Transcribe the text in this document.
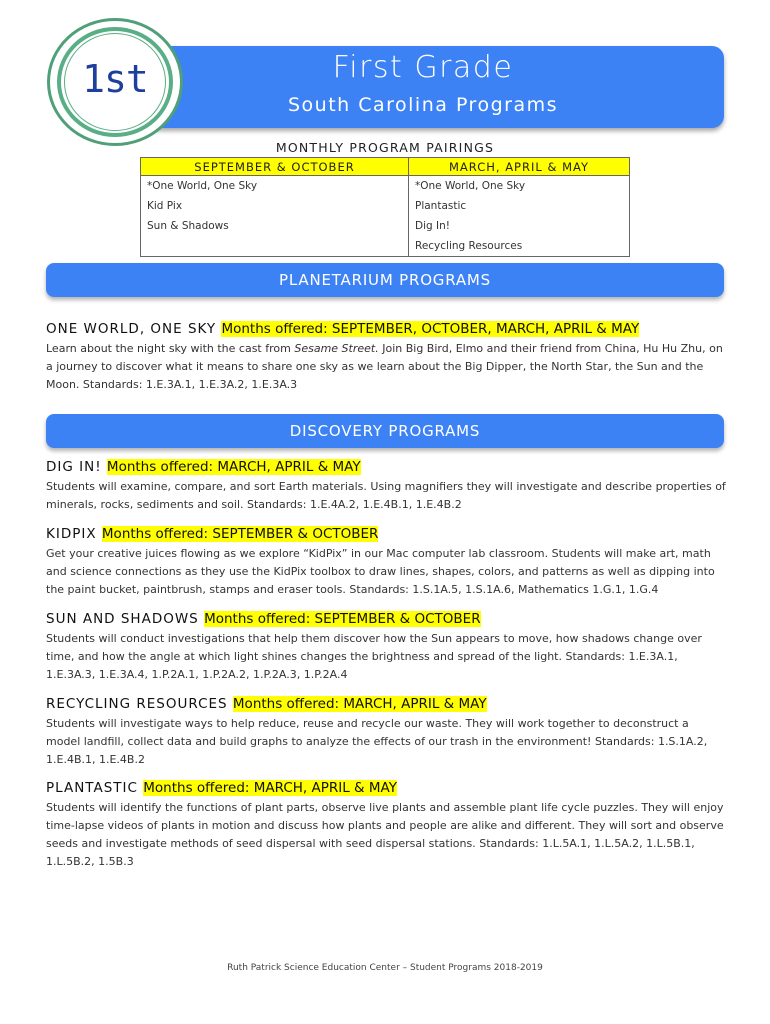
First Grade
South Carolina Programs
1st
MONTHLY PROGRAM PAIRINGS
SEPTEMBER & OCTOBER	MARCH, APRIL & MAY
*One World, One Sky	*One World, One Sky
Kid Pix	Plantastic
Sun & Shadows	Dig In!
	Recycling Resources
PLANETARIUM PROGRAMS
ONE WORLD, ONE SKY Months offered: SEPTEMBER, OCTOBER, MARCH, APRIL & MAY
Learn about the night sky with the cast from Sesame Street. Join Big Bird, Elmo and their friend from China, Hu Hu Zhu, on a journey to discover what it means to share one sky as we learn about the Big Dipper, the North Star, the Sun and the Moon. Standards: 1.E.3A.1, 1.E.3A.2, 1.E.3A.3
DISCOVERY PROGRAMS
DIG IN! Months offered: MARCH, APRIL & MAY
Students will examine, compare, and sort Earth materials. Using magnifiers they will investigate and describe properties of minerals, rocks, sediments and soil. Standards: 1.E.4A.2, 1.E.4B.1, 1.E.4B.2
KIDPIX Months offered: SEPTEMBER & OCTOBER
Get your creative juices flowing as we explore “KidPix” in our Mac computer lab classroom. Students will make art, math and science connections as they use the KidPix toolbox to draw lines, shapes, colors, and patterns as well as dipping into the paint bucket, paintbrush, stamps and eraser tools. Standards: 1.S.1A.5, 1.S.1A.6, Mathematics 1.G.1, 1.G.4
SUN AND SHADOWS Months offered: SEPTEMBER & OCTOBER
Students will conduct investigations that help them discover how the Sun appears to move, how shadows change over time, and how the angle at which light shines changes the brightness and spread of the light. Standards: 1.E.3A.1, 1.E.3A.3, 1.E.3A.4, 1.P.2A.1, 1.P.2A.2, 1.P.2A.3, 1.P.2A.4
RECYCLING RESOURCES Months offered: MARCH, APRIL & MAY
Students will investigate ways to help reduce, reuse and recycle our waste. They will work together to deconstruct a model landfill, collect data and build graphs to analyze the effects of our trash in the environment! Standards: 1.S.1A.2, 1.E.4B.1, 1.E.4B.2
PLANTASTIC Months offered: MARCH, APRIL & MAY
Students will identify the functions of plant parts, observe live plants and assemble plant life cycle puzzles. They will enjoy time-lapse videos of plants in motion and discuss how plants and people are alike and different. They will sort and observe seeds and investigate methods of seed dispersal with seed dispersal stations. Standards: 1.L.5A.1, 1.L.5A.2, 1.L.5B.1, 1.L.5B.2, 1.5B.3
Ruth Patrick Science Education Center – Student Programs 2018-2019
